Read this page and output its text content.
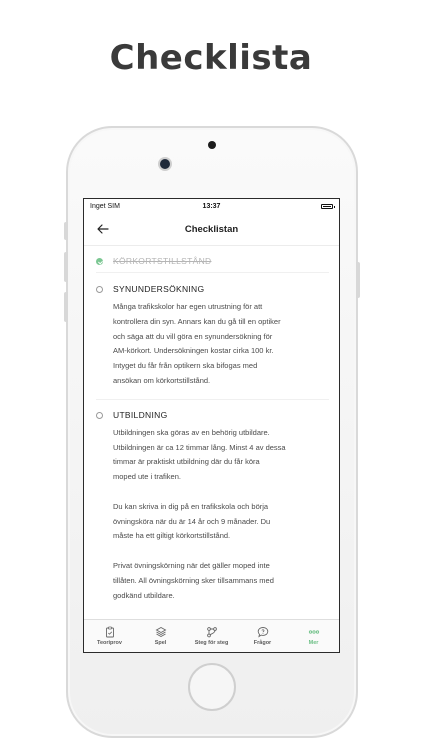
Checklista
Inget SIM	13:37
Checklistan
KÖRKORTSTILLSTÅND
SYNUNDERSÖKNING
Många trafikskolor har egen utrustning för att
kontrollera din syn. Annars kan du gå till en optiker
och säga att du vill göra en synundersökning för
AM-körkort. Undersökningen kostar cirka 100 kr.
Intyget du får från optikern ska bifogas med
ansökan om körkortstillstånd.
UTBILDNING
Utbildningen ska göras av en behörig utbildare.
Utbildningen är ca 12 timmar lång. Minst 4 av dessa
timmar är praktiskt utbildning där du får köra
moped ute i trafiken.

Du kan skriva in dig på en trafikskola och börja
övningsköra när du är 14 år och 9 månader. Du
måste ha ett giltigt körkortstillstånd.

Privat övningskörning när det gäller moped inte
tillåten. All övningskörning sker tillsammans med
godkänd utbildare.
Teoriprov	Spel	Steg för steg	Frågor	Mer
